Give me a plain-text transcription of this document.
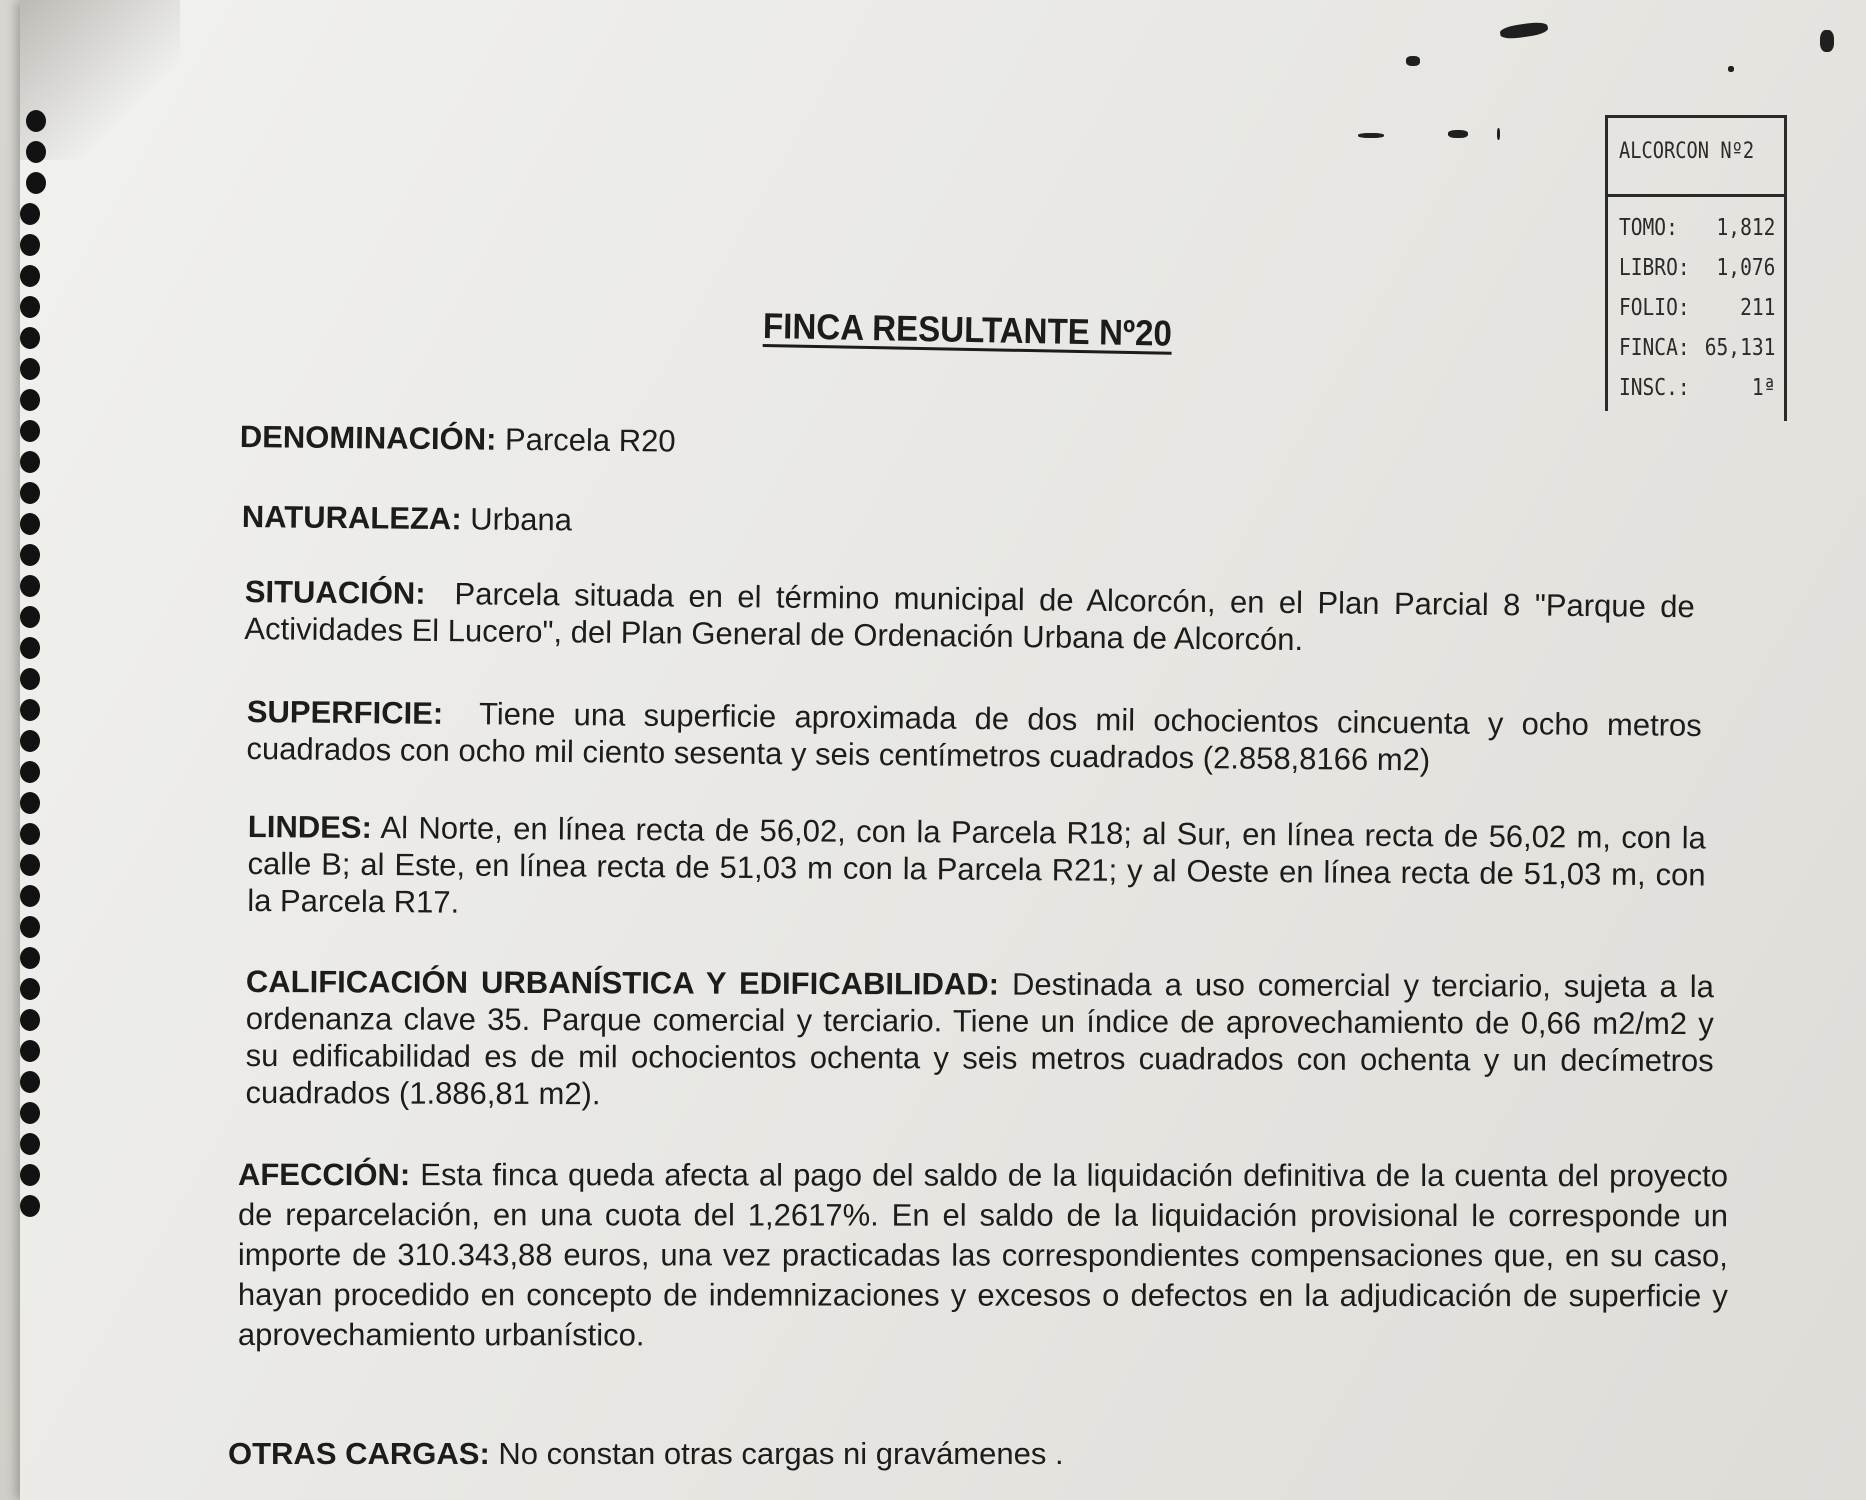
ALCORCON Nº2
TOMO: 1,812
LIBRO: 1,076
FOLIO: 211
FINCA: 65,131
INSC.:	1ª
FINCA RESULTANTE Nº20
DENOMINACIÓN: Parcela R20
NATURALEZA: Urbana
SITUACIÓN: Parcela situada en el término municipal de Alcorcón, en el Plan Parcial 8 "Parque de Actividades El Lucero", del Plan General de Ordenación Urbana de Alcorcón.
SUPERFICIE: Tiene una superficie aproximada de dos mil ochocientos cincuenta y ocho metros cuadrados con ocho mil ciento sesenta y seis centímetros cuadrados (2.858,8166 m2)
LINDES: Al Norte, en línea recta de 56,02, con la Parcela R18; al Sur, en línea recta de 56,02 m, con la calle B; al Este, en línea recta de 51,03 m con la Parcela R21; y al Oeste en línea recta de 51,03 m, con la Parcela R17.
CALIFICACIÓN URBANÍSTICA Y EDIFICABILIDAD: Destinada a uso comercial y terciario, sujeta a la ordenanza clave 35. Parque comercial y terciario. Tiene un índice de aprovechamiento de 0,66 m2/m2 y su edificabilidad es de mil ochocientos ochenta y seis metros cuadrados con ochenta y un decímetros cuadrados (1.886,81 m2).
AFECCIÓN: Esta finca queda afecta al pago del saldo de la liquidación definitiva de la cuenta del proyecto de reparcelación, en una cuota del 1,2617%. En el saldo de la liquidación provisional le corresponde un importe de 310.343,88 euros, una vez practicadas las correspondientes compensaciones que, en su caso, hayan procedido en concepto de indemnizaciones y excesos o defectos en la adjudicación de superficie y aprovechamiento urbanístico.
OTRAS CARGAS: No constan otras cargas ni gravámenes .
